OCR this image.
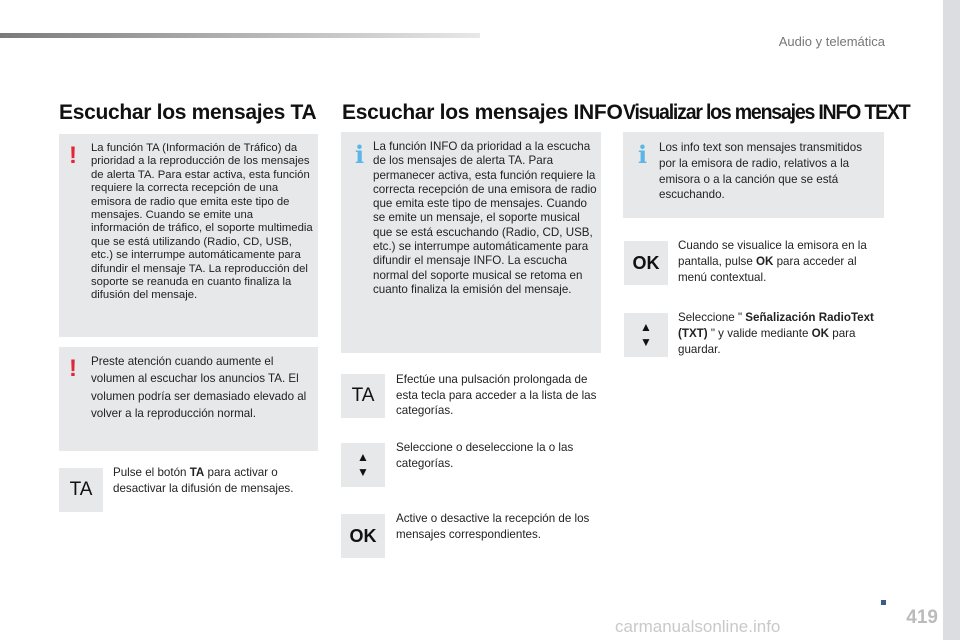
Audio y telemática
Escuchar los mensajes TA
! La función TA (Información de Tráfico) da prioridad a la reproducción de los mensajes de alerta TA. Para estar activa, esta función requiere la correcta recepción de una emisora de radio que emita este tipo de mensajes. Cuando se emite una información de tráfico, el soporte multimedia que se está utilizando (Radio, CD, USB, etc.) se interrumpe automáticamente para difundir el mensaje TA. La reproducción del soporte se reanuda en cuanto finaliza la difusión del mensaje.
! Preste atención cuando aumente el volumen al escuchar los anuncios TA. El volumen podría ser demasiado elevado al volver a la reproducción normal.
TA
Pulse el botón TA para activar o desactivar la difusión de mensajes.
Escuchar los mensajes INFO
i La función INFO da prioridad a la escucha de los mensajes de alerta TA. Para permanecer activa, esta función requiere la correcta recepción de una emisora de radio que emita este tipo de mensajes. Cuando se emite un mensaje, el soporte musical que se está escuchando (Radio, CD, USB, etc.) se interrumpe automáticamente para difundir el mensaje INFO. La escucha normal del soporte musical se retoma en cuanto finaliza la emisión del mensaje.
TA
Efectúe una pulsación prolongada de esta tecla para acceder a la lista de las categorías.
▲
▼
Seleccione o deseleccione la o las categorías.
OK
Active o desactive la recepción de los mensajes correspondientes.
Visualizar los mensajes INFO TEXT
i Los info text son mensajes transmitidos por la emisora de radio, relativos a la emisora o a la canción que se está escuchando.
OK
Cuando se visualice la emisora en la pantalla, pulse OK para acceder al menú contextual.
▲
▼
Seleccione " Señalización RadioText (TXT) " y valide mediante OK para guardar.
419
carmanualsonline.info
